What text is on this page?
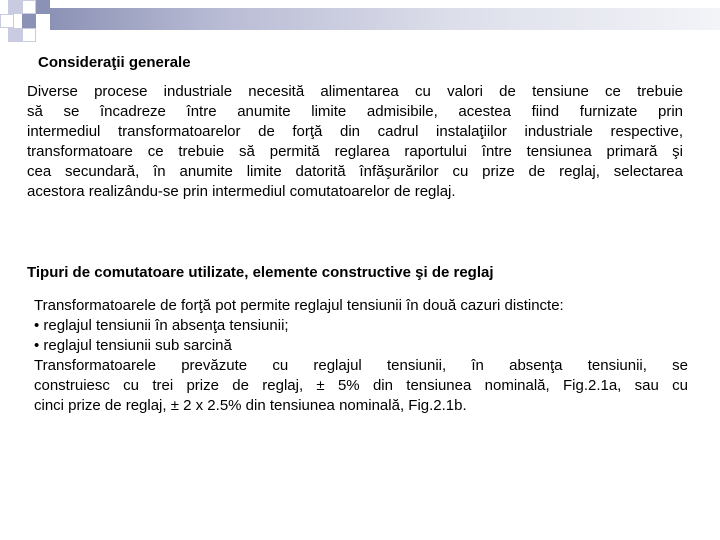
Consideraţii generale
Diverse procese industriale necesită alimentarea cu valori de tensiune ce trebuie
să se încadreze între anumite limite admisibile, acestea fiind furnizate prin
intermediul transformatoarelor de forţă din cadrul instalaţiilor industriale respective,
transformatoare ce trebuie să permită reglarea raportului între tensiunea primară şi
cea secundară, în anumite limite datorită înfăşurărilor cu prize de reglaj, selectarea
acestora realizându-se prin intermediul comutatoarelor de reglaj.
Tipuri de comutatoare utilizate, elemente constructive şi de reglaj
Transformatoarele de forţă pot permite reglajul tensiunii în două cazuri distincte:
• reglajul tensiunii în absenţa tensiunii;
• reglajul tensiunii sub sarcină
Transformatoarele prevăzute cu reglajul tensiunii, în absenţa tensiunii, se
construiesc cu trei prize de reglaj, ± 5% din tensiunea nominală, Fig.2.1a, sau cu
cinci prize de reglaj, ± 2 x 2.5% din tensiunea nominală, Fig.2.1b.
